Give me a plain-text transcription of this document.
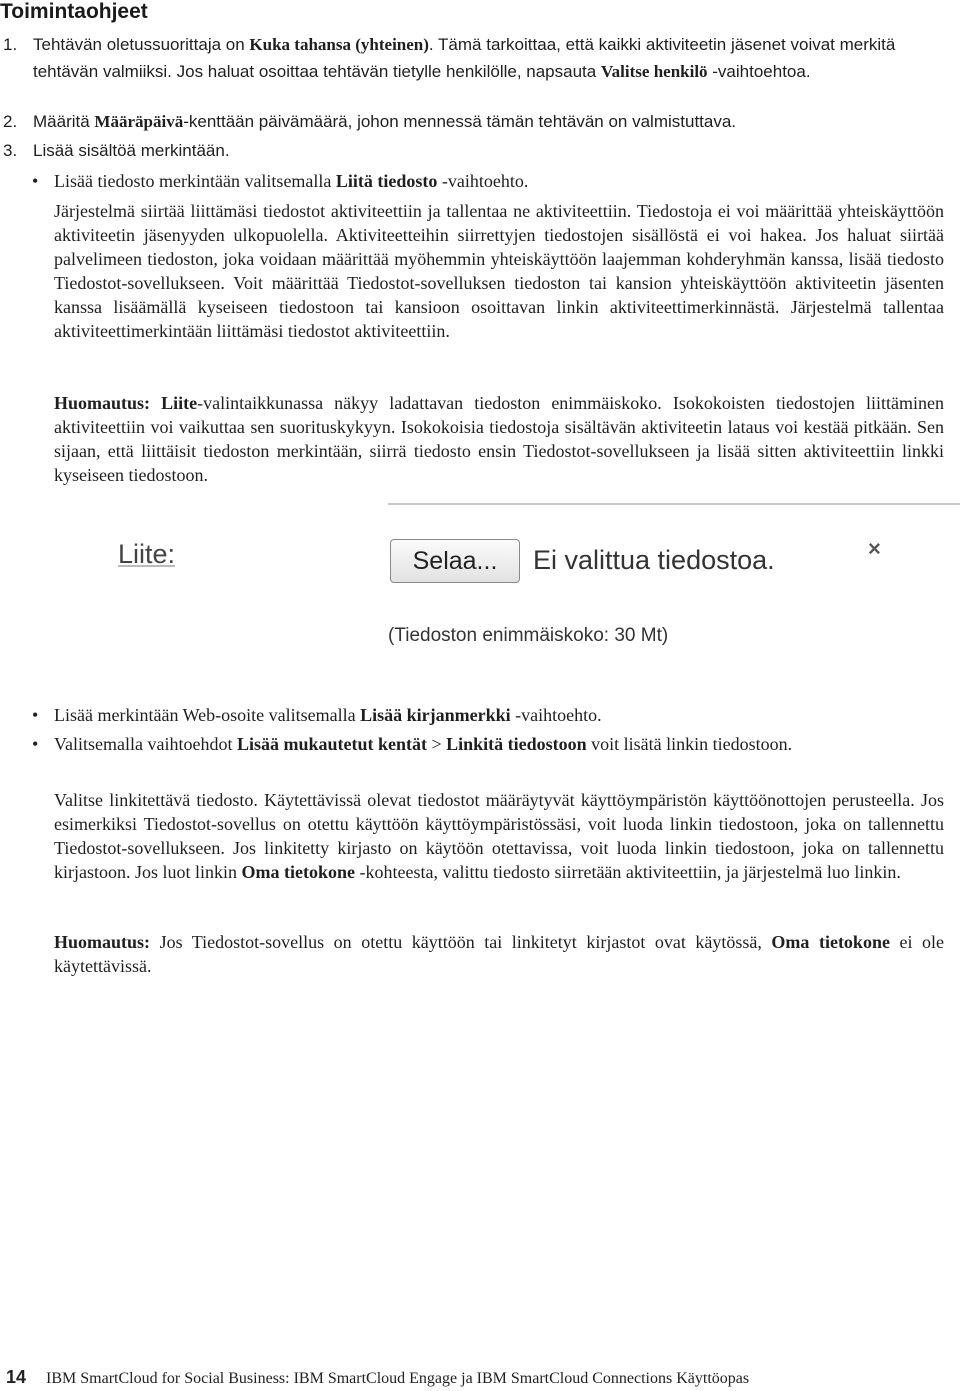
Toimintaohjeet
1. Tehtävän oletussuorittaja on Kuka tahansa (yhteinen). Tämä tarkoittaa, että kaikki aktiviteetin jäsenet voivat merkitä tehtävän valmiiksi. Jos haluat osoittaa tehtävän tietylle henkilölle, napsauta Valitse henkilö -vaihtoehtoa.
2. Määritä Määräpäivä-kenttään päivämäärä, johon mennessä tämän tehtävän on valmistuttava.
3. Lisää sisältöä merkintään.
• Lisää tiedosto merkintään valitsemalla Liitä tiedosto -vaihtoehto.
Järjestelmä siirtää liittämäsi tiedostot aktiviteettiin ja tallentaa ne aktiviteettiin. Tiedostoja ei voi määrittää yhteiskäyttöön aktiviteetin jäsenyyden ulkopuolella. Aktiviteetteihin siirrettyjen tiedostojen sisällöstä ei voi hakea. Jos haluat siirtää palvelimeen tiedoston, joka voidaan määrittää myöhemmin yhteiskäyttöön laajemman kohderyhmän kanssa, lisää tiedosto Tiedostot-sovellukseen. Voit määrittää Tiedostot-sovelluksen tiedoston tai kansion yhteiskäyttöön aktiviteetin jäsenten kanssa lisäämällä kyseiseen tiedostoon tai kansioon osoittavan linkin aktiviteettimerkinnästä. Järjestelmä tallentaa aktiviteettimerkintään liittämäsi tiedostot aktiviteettiin.
Huomautus: Liite-valintaikkunassa näkyy ladattavan tiedoston enimmäiskoko. Isokokoisten tiedostojen liittäminen aktiviteettiin voi vaikuttaa sen suorituskykyyn. Isokokoisia tiedostoja sisältävän aktiviteetin lataus voi kestää pitkään. Sen sijaan, että liittäisit tiedoston merkintään, siirrä tiedosto ensin Tiedostot-sovellukseen ja lisää sitten aktiviteettiin linkki kyseiseen tiedostoon.
Liite:	Selaa...	Ei valittua tiedostoa.	×
(Tiedoston enimmäiskoko: 30 Mt)
• Lisää merkintään Web-osoite valitsemalla Lisää kirjanmerkki -vaihtoehto.
• Valitsemalla vaihtoehdot Lisää mukautetut kentät > Linkitä tiedostoon voit lisätä linkin tiedostoon.
Valitse linkitettävä tiedosto. Käytettävissä olevat tiedostot määräytyvät käyttöympäristön käyttöönottojen perusteella. Jos esimerkiksi Tiedostot-sovellus on otettu käyttöön käyttöympäristössäsi, voit luoda linkin tiedostoon, joka on tallennettu Tiedostot-sovellukseen. Jos linkitetty kirjasto on käytöön otettavissa, voit luoda linkin tiedostoon, joka on tallennettu kirjastoon. Jos luot linkin Oma tietokone -kohteesta, valittu tiedosto siirretään aktiviteettiin, ja järjestelmä luo linkin.
Huomautus: Jos Tiedostot-sovellus on otettu käyttöön tai linkitetyt kirjastot ovat käytössä, Oma tietokone ei ole käytettävissä.
14 IBM SmartCloud for Social Business: IBM SmartCloud Engage ja IBM SmartCloud Connections Käyttöopas
